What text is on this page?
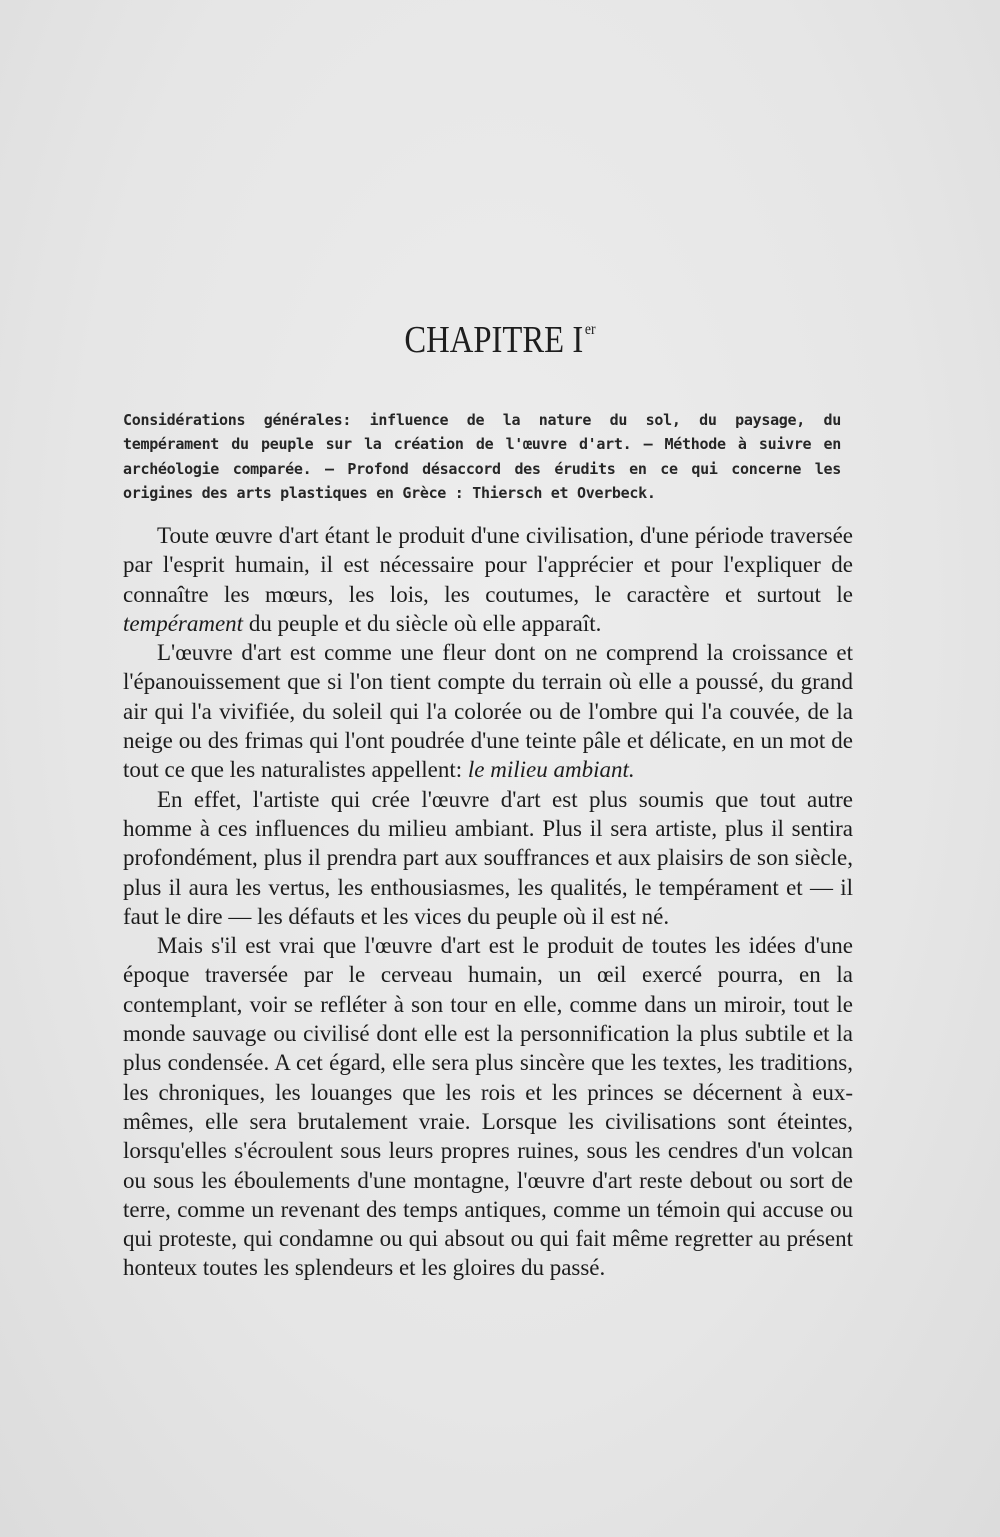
CHAPITRE I $^{er}$
Considérations générales: influence de la nature du sol, du paysage, du tempérament du peuple sur la création de l'œuvre d'art. — Méthode à suivre en archéologie comparée. — Profond désaccord des érudits en ce qui concerne les origines des arts plastiques en Grèce : Thiersch et Overbeck.

Toute œuvre d'art étant le produit d'une civilisation, d'une période traversée par l'esprit humain, il est nécessaire pour l'apprécier et pour l'expliquer de connaître les mœurs, les lois, les coutumes, le caractère et surtout le tempérament du peuple et du siècle où elle apparaît.

L'œuvre d'art est comme une fleur dont on ne comprend la croissance et l'épanouissement que si l'on tient compte du terrain où elle a poussé, du grand air qui l'a vivifiée, du soleil qui l'a colorée ou de l'ombre qui l'a couvée, de la neige ou des frimas qui l'ont poudrée d'une teinte pâle et délicate, en un mot de tout ce que les naturalistes appellent: le milieu ambiant.

En effet, l'artiste qui crée l'œuvre d'art est plus soumis que tout autre homme à ces influences du milieu ambiant. Plus il sera artiste, plus il sentira profondément, plus il prendra part aux souffrances et aux plaisirs de son siècle, plus il aura les vertus, les enthousiasmes, les qualités, le tempérament et — il faut le dire — les défauts et les vices du peuple où il est né.

Mais s'il est vrai que l'œuvre d'art est le produit de toutes les idées d'une époque traversée par le cerveau humain, un œil exercé pourra, en la contemplant, voir se refléter à son tour en elle, comme dans un miroir, tout le monde sauvage ou civilisé dont elle est la personnification la plus subtile et la plus condensée. A cet égard, elle sera plus sincère que les textes, les traditions, les chroniques, les louanges que les rois et les princes se décernent à eux-mêmes, elle sera brutalement vraie. Lorsque les civilisations sont éteintes, lorsqu'elles s'écroulent sous leurs propres ruines, sous les cendres d'un volcan ou sous les éboulements d'une montagne, l'œuvre d'art reste debout ou sort de terre, comme un revenant des temps antiques, comme un témoin qui accuse ou qui proteste, qui condamne ou qui absout ou qui fait même regretter au présent honteux toutes les splendeurs et les gloires du passé.
